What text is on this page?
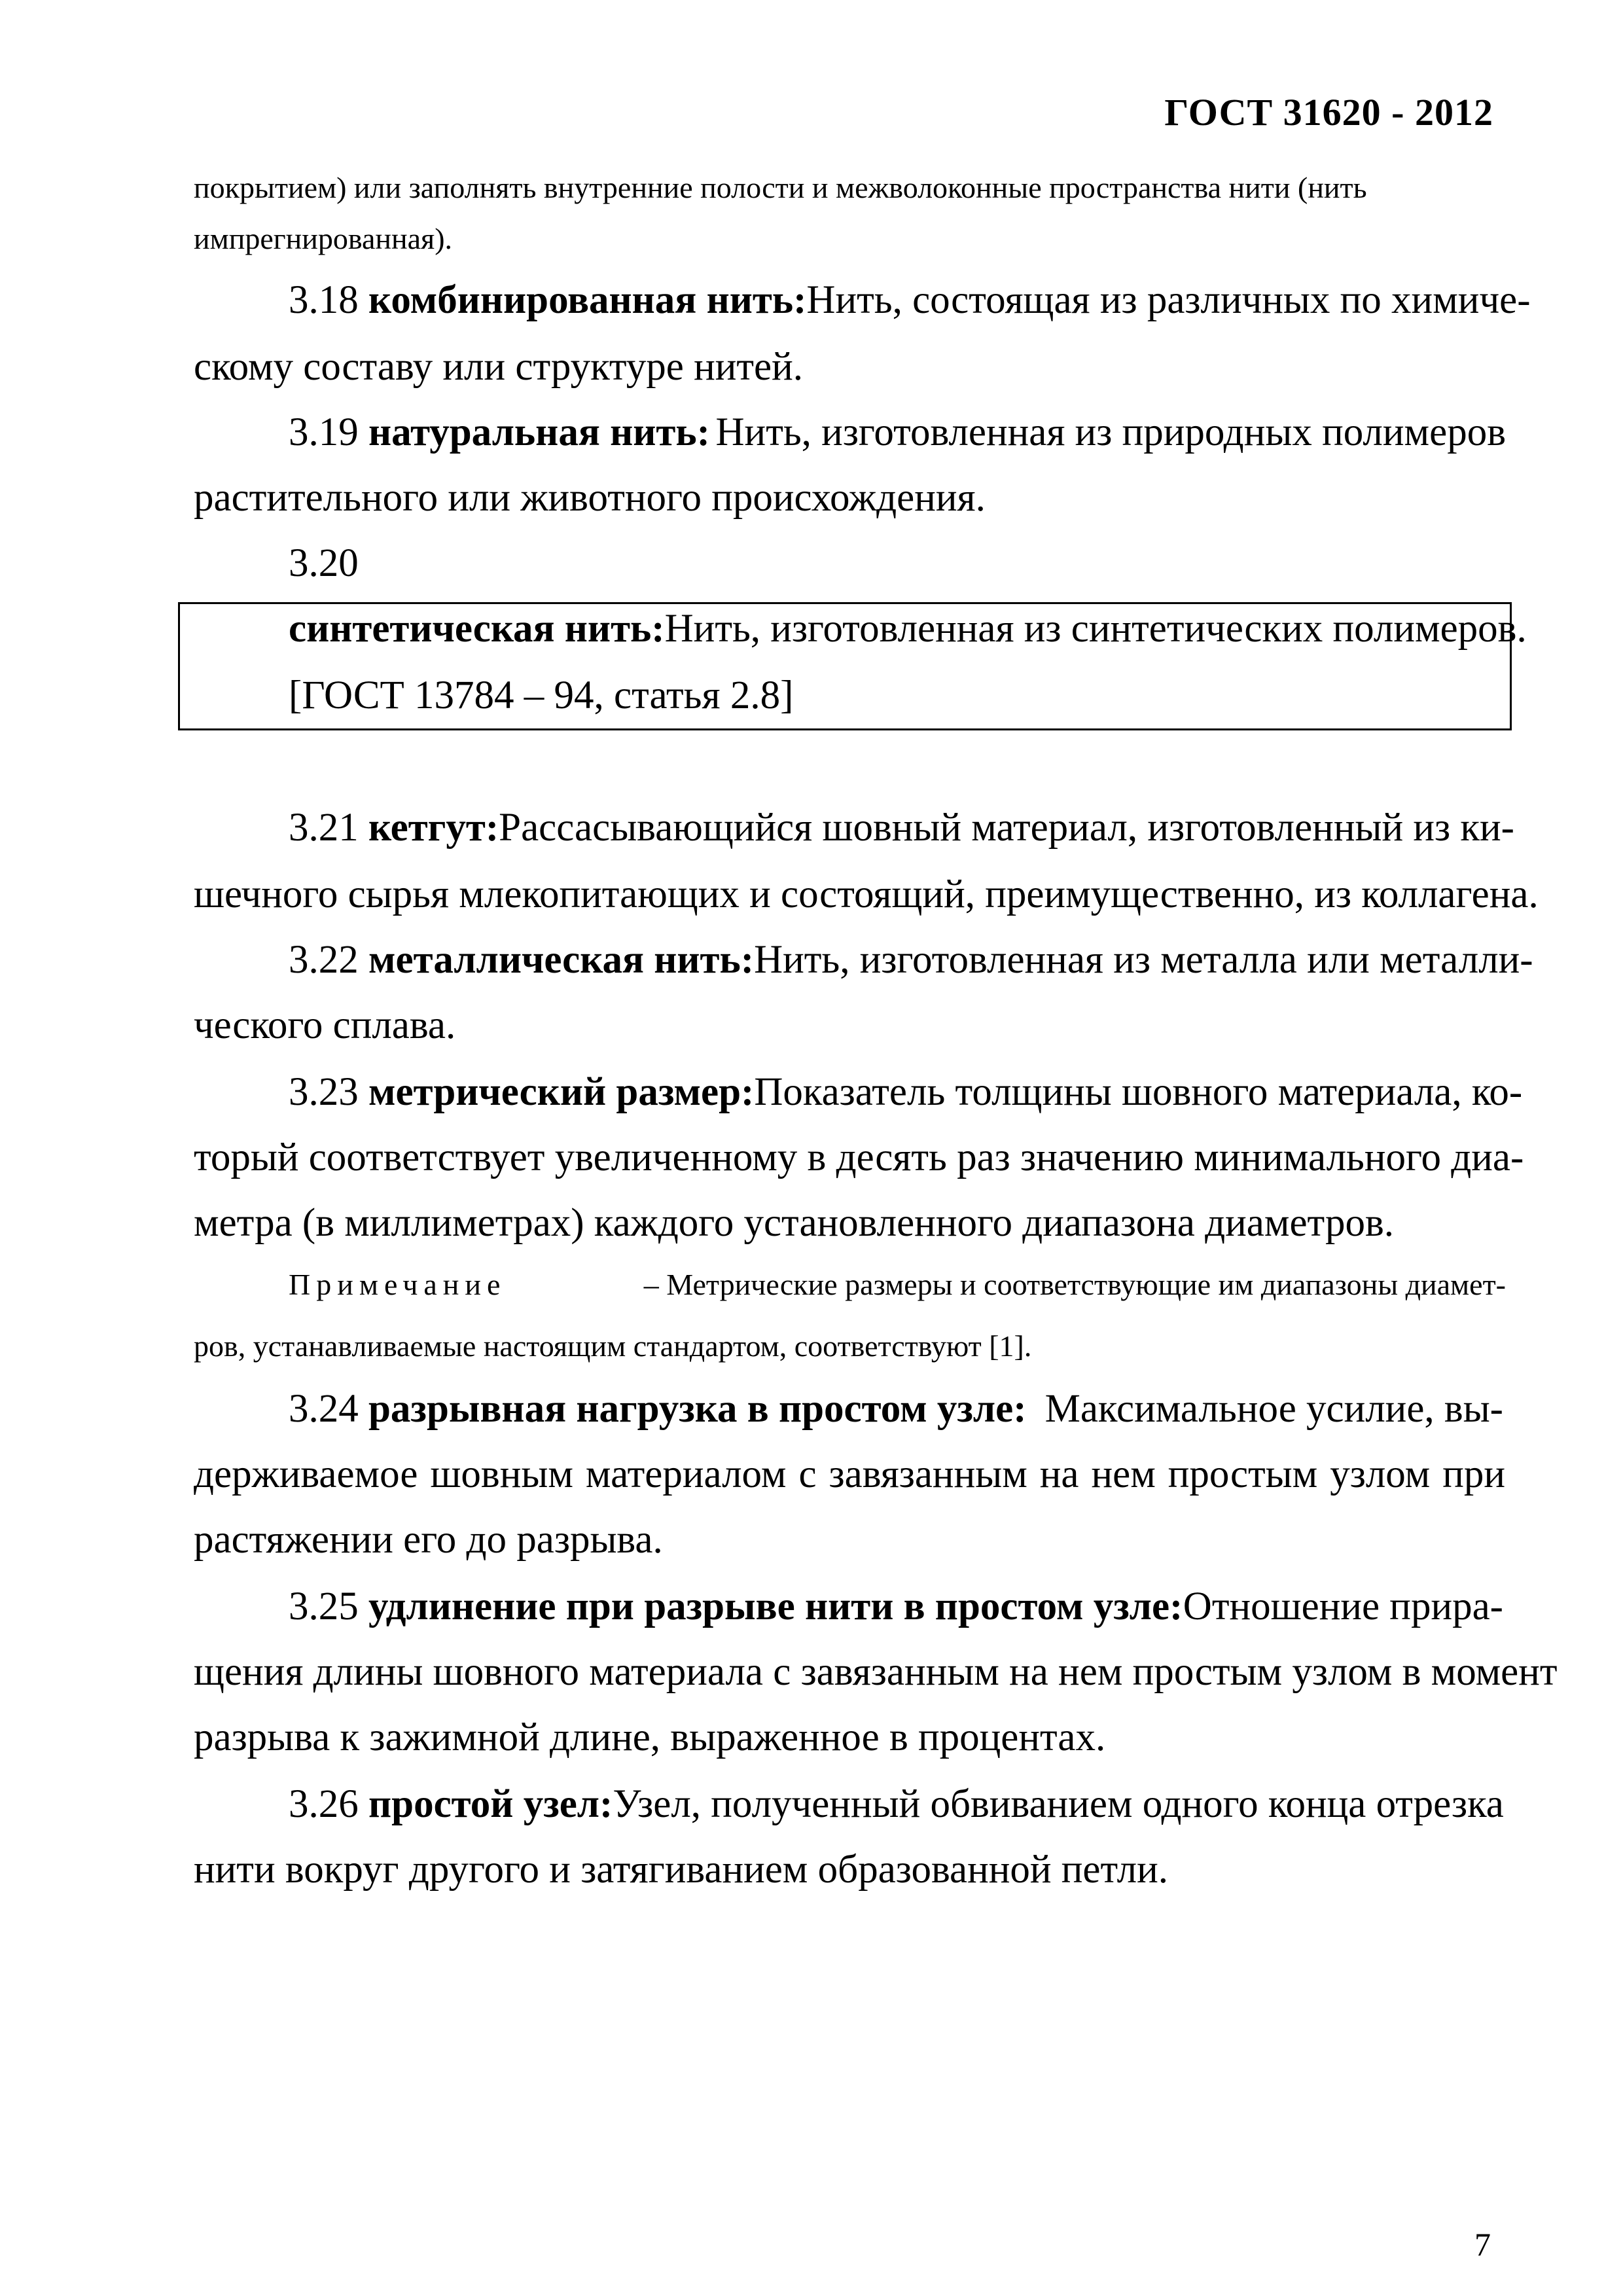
ГОСТ 31620 - 2012
покрытием) или заполнять внутренние полости и межволоконные пространства нити (нить
импрегнированная).
3.18 комбинированная нить: Нить, состоящая из различных по химиче-
скому составу или структуре нитей.
3.19 натуральная нить: Нить, изготовленная из природных полимеров
растительного или животного происхождения.
3.20
синтетическая нить: Нить, изготовленная из синтетических полимеров.
[ГОСТ 13784 – 94, статья 2.8]
3.21 кетгут: Рассасывающийся шовный материал, изготовленный из ки-
шечного сырья млекопитающих и состоящий, преимущественно, из коллагена.
3.22 металлическая нить: Нить, изготовленная из металла или металли-
ческого сплава.
3.23 метрический размер: Показатель толщины шовного материала, ко-
торый соответствует увеличенному в десять раз значению минимального диа-
метра (в миллиметрах) каждого установленного диапазона диаметров.
Примечание	– Метрические размеры и соответствующие им диапазоны диамет-
ров, устанавливаемые настоящим стандартом, соответствуют [1].
3.24 разрывная нагрузка в простом узле: Максимальное усилие, вы-
держиваемое шовным материалом с завязанным на нем простым узлом при
растяжении его до разрыва.
3.25 удлинение при разрыве нити в простом узле: Отношение прира-
щения длины шовного материала с завязанным на нем простым узлом в момент
разрыва к зажимной длине, выраженное в процентах.
3.26 простой узел: Узел, полученный обвиванием одного конца отрезка
нити вокруг другого и затягиванием образованной петли.
7
